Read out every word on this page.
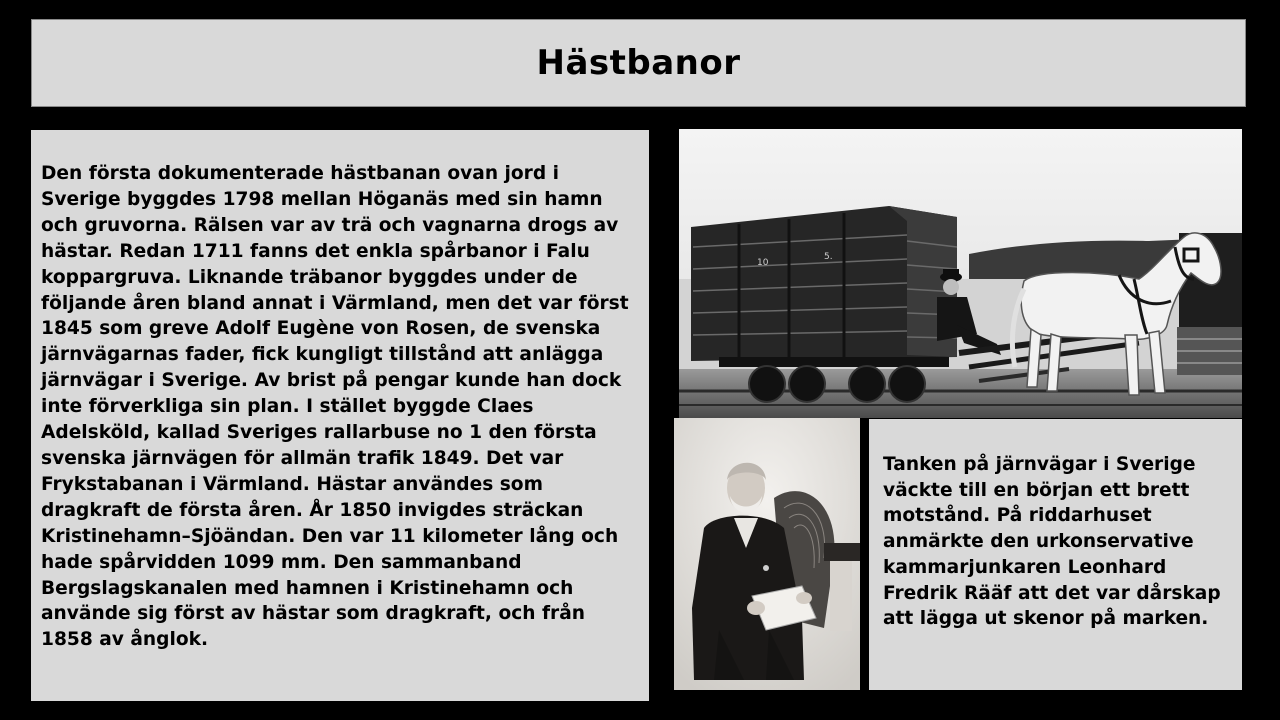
Hästbanor

Den första dokumenterade hästbanan ovan jord i Sverige byggdes 1798 mellan Höganäs med sin hamn och gruvorna. Rälsen var av trä och vagnarna drogs av hästar. Redan 1711 fanns det enkla spårbanor i Falu koppargruva. Liknande träbanor byggdes under de följande åren bland annat i Värmland, men det var först 1845 som greve Adolf Eugène von Rosen, de svenska järnvägarnas fader, fick kungligt tillstånd att anlägga järnvägar i Sverige. Av brist på pengar kunde han dock inte förverkliga sin plan. I stället byggde Claes Adelsköld, kallad Sveriges rallarbuse no 1 den första svenska järnvägen för allmän trafik 1849. Det var Frykstabanan i Värmland. Hästar användes som dragkraft de första åren. År 1850 invigdes sträckan Kristinehamn–Sjöändan. Den var 11 kilometer lång och hade spårvidden 1099 mm. Den sammanband Bergslagskanalen med hamnen i Kristinehamn och använde sig först av hästar som dragkraft, och från 1858 av ånglok.

10
5.

Tanken på järnvägar i Sverige väckte till en början ett brett motstånd. På riddarhuset anmärkte den urkonservative kammarjunkaren Leonhard Fredrik Rääf att det var dårskap att lägga ut skenor på marken.
